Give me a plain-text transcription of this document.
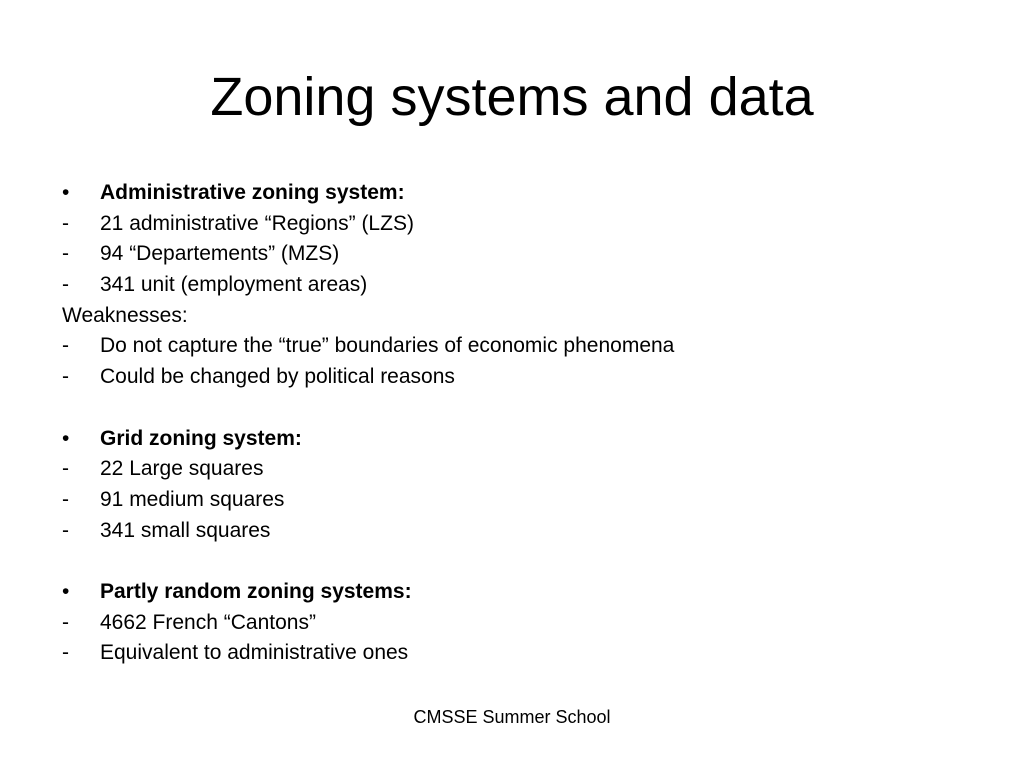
Zoning systems and data
•	Administrative zoning system:
-	21 administrative “Regions” (LZS)
-	94 “Departements” (MZS)
-	341 unit (employment areas)
Weaknesses:
-	Do not capture the “true” boundaries of economic phenomena
-	Could be changed by political reasons
•	Grid zoning system:
-	22 Large squares
-	91 medium squares
-	341 small squares
•	Partly random zoning systems:
-	4662 French “Cantons”
-	Equivalent to administrative ones
CMSSE Summer School
